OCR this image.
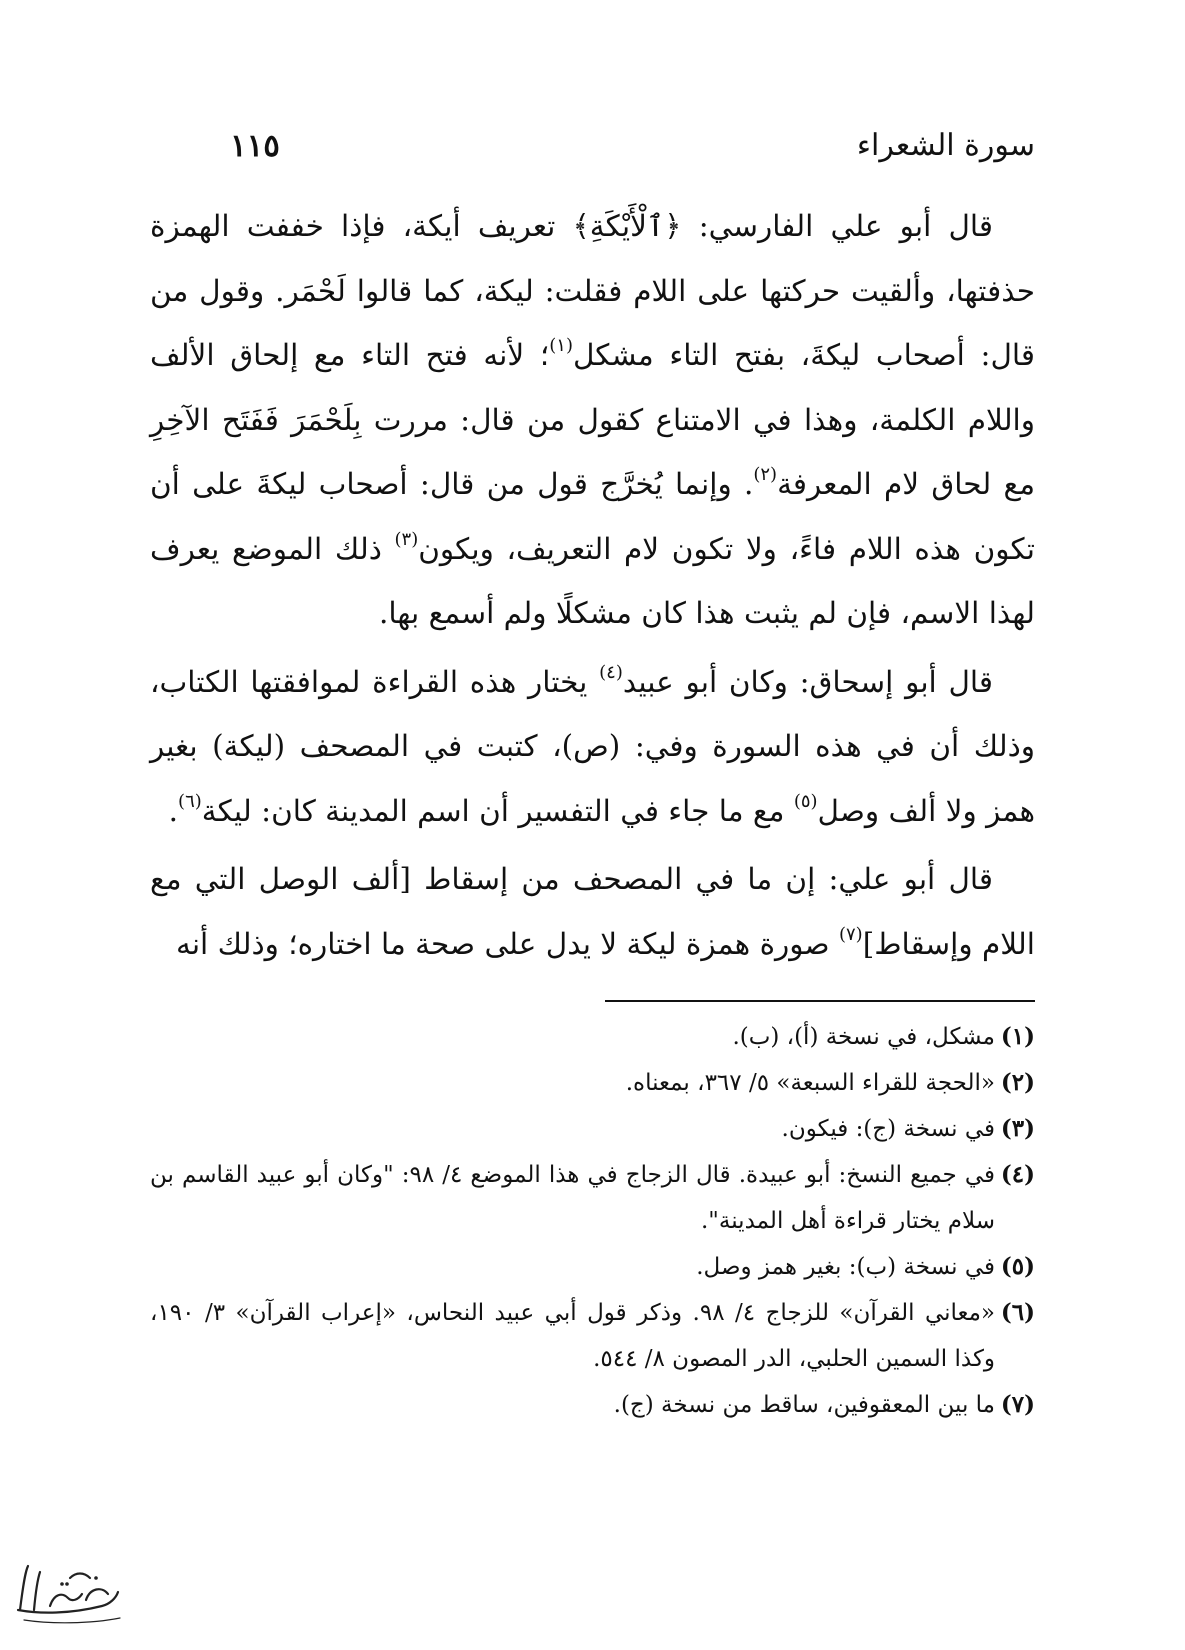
سورة الشعراء
١١٥

قال أبو علي الفارسي: ﴿ٱلْأَيْكَةِ﴾ تعريف أيكة، فإذا خففت الهمزة حذفتها، وألقيت حركتها على اللام فقلت: ليكة، كما قالوا لَحْمَر. وقول من قال: أصحاب ليكةَ، بفتح التاء مشكل$^{(١)}$؛ لأنه فتح التاء مع إلحاق الألف واللام الكلمة، وهذا في الامتناع كقول من قال: مررت بِلَحْمَرَ فَفَتَح الآخِرِ مع لحاق لام المعرفة$^{(٢)}$. وإنما يُخرَّج قول من قال: أصحاب ليكةَ على أن تكون هذه اللام فاءً، ولا تكون لام التعريف، ويكون$^{(٣)}$ ذلك الموضع يعرف لهذا الاسم، فإن لم يثبت هذا كان مشكلًا ولم أسمع بها.

قال أبو إسحاق: وكان أبو عبيد$^{(٤)}$ يختار هذه القراءة لموافقتها الكتاب، وذلك أن في هذه السورة وفي: (ص)، كتبت في المصحف (ليكة) بغير همز ولا ألف وصل$^{(٥)}$ مع ما جاء في التفسير أن اسم المدينة كان: ليكة$^{(٦)}$.

قال أبو علي: إن ما في المصحف من إسقاط [ألف الوصل التي مع اللام وإسقاط]$^{(٧)}$ صورة همزة ليكة لا يدل على صحة ما اختاره؛ وذلك أنه

(١)مشكل، في نسخة (أ)، (ب).
(٢)«الحجة للقراء السبعة» ٥/ ٣٦٧، بمعناه.
(٣)في نسخة (ج): فيكون.
(٤)في جميع النسخ: أبو عبيدة. قال الزجاج في هذا الموضع ٤/ ٩٨: "وكان أبو عبيد القاسم بن سلام يختار قراءة أهل المدينة".
(٥)في نسخة (ب): بغير همز وصل.
(٦)«معاني القرآن» للزجاج ٤/ ٩٨. وذكر قول أبي عبيد النحاس، «إعراب القرآن» ٣/ ١٩٠، وكذا السمين الحلبي، الدر المصون ٨/ ٥٤٤.
(٧)ما بين المعقوفين، ساقط من نسخة (ج).
